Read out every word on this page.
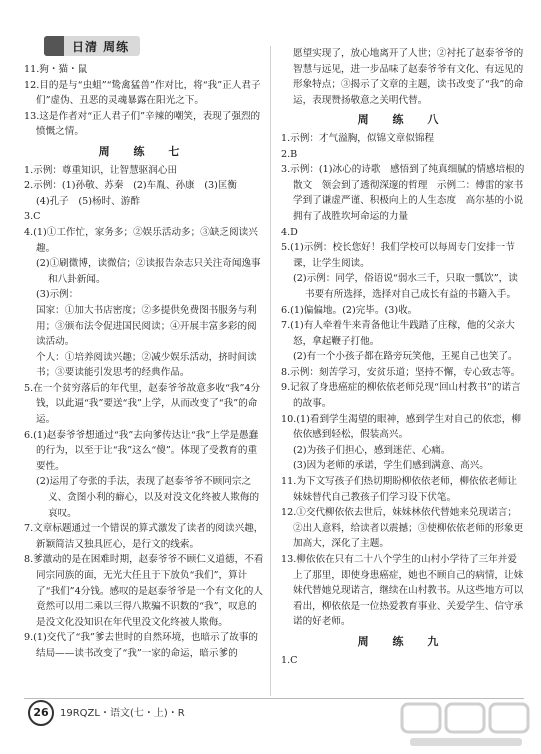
日清 周练

11.狗・猫・鼠

12.目的是与“虫蛆”“鸷禽猛兽”作对比，将“我”正人君子们”虚伪、丑恶的灵魂暴露在阳光之下。

13.这是作者对“正人君子们”辛辣的嘲笑，表现了强烈的愤慨之情。

周 练 七

1.示例：尊重知识，让智慧驱润心田

2.示例：(1)孙敬、苏秦　(2)车胤、孙康　(3)匡衡

(4)孔子　(5)杨时、游酢

3.C

4.(1)①工作忙，家务多；②娱乐活动多；③缺乏阅读兴趣。

(2)①刷微博，读微信；②读报告杂志只关注奇闻逸事和八卦新闻。

(3)示例：

国家：①加大书店密度；②多提供免费图书服务与利用；③颁布法令促进国民阅读；④开展丰富多彩的阅读活动。

个人：①培养阅读兴趣；②减少娱乐活动，挤时间读书；③要读能引发思考的经典作品。

5.在一个贫穷落后的年代里，赵泰爷爷故意多收“我”4分钱，以此逼“我”要送“我”上学，从而改变了“我”的命运。

6.(1)赵泰爷爷想通过“我”去向爹传达让“我”上学是愚蠢的行为，以至于让“我”这么“傻”。体现了受教育的重要性。

(2)运用了夸张的手法，表现了赵泰爷爷不顾同宗之义、贪图小利的癖心，以及对没文化终被人欺侮的哀叹。

7.文章标题通过一个错误的算式激发了读者的阅读兴趣，新颖简洁又独具匠心，是行文的线索。

8.爹激动的是在困难时期，赵泰爷爷不顾仁义道德，不看同宗同族的面，无光大任且于下放负“我们”，算计了“我们”4分钱。感叹的是赵泰爷爷是一个有文化的人竟然可以用二乘以三得八欺骗不识数的“我”，叹息的是没文化没知识在年代里没文化终被人欺侮。

9.(1)交代了“我”爹去世时的自然环境，也暗示了故事的结局——读书改变了“我”一家的命运，暗示爹的

愿望实现了，放心地离开了人世；②衬托了赵泰爷爷的智慧与远见，进一步品味了赵泰爷爷有文化、有远见的形象特点；③揭示了文章的主题，读书改变了“我”的命运，表现赞扬敬意之关明代替。

周 练 八

1.示例：才气溢胸，似锦文章似锦程

2.B

3.示例：(1)冰心的诗歌　感悟到了纯真细腻的情感培根的散文　领会到了透彻深邃的哲理　示例二：傅雷的家书　学到了谦虚严谨、积极向上的人生态度　高尔基的小说　拥有了战胜坎坷命运的力量

4.D

5.(1)示例：校长您好！我们学校可以每周专门安排一节课，让学生阅读。

(2)示例：同学，俗语说“弱水三千，只取一瓢饮”，读书要有所选择，选择对自己成长有益的书籍入手。

6.(1)偏偏地。(2)完毕。(3)收。

7.(1)有人牵着牛来青备他让牛践踏了庄稼，他的父亲大怒，拿起鞭子打他。

(2)有一个小孩子都在路旁玩笑他，王冕自己也笑了。

8.示例：刻苦学习，安贫乐道；坚持不懈，专心致志等。

9.记叙了身患癌症的柳依依老师兑现“回山村教书”的诺言的故事。

10.(1)看到学生渴望的眼神，感到学生对自己的依恋，柳依依感到轻松，假装高兴。

(2)为孩子们担心，感到迷茫、心痛。

(3)因为老师的承诺，学生们感到满意、高兴。

11.为下文写孩子们热切期盼柳依依老师，柳依依老师让妹妹替代自己教孩子们学习设下伏笔。

12.①交代柳依依去世后，妹妹林依代替她来兑现诺言；②出人意料，给读者以震撼；③使柳依依老师的形象更加高大，深化了主题。

13.柳依依在只有二十八个学生的山村小学待了三年并爱上了那里，即使身患癌症，她也不顾自己的病情，让妹妹代替她兑现诺言，继续在山村教书。从这些地方可以看出，柳依依是一位热爱教育事业、关爱学生、信守承诺的好老师。

周 练 九

1.C

26	19RQZL・语文(七・上)・R
